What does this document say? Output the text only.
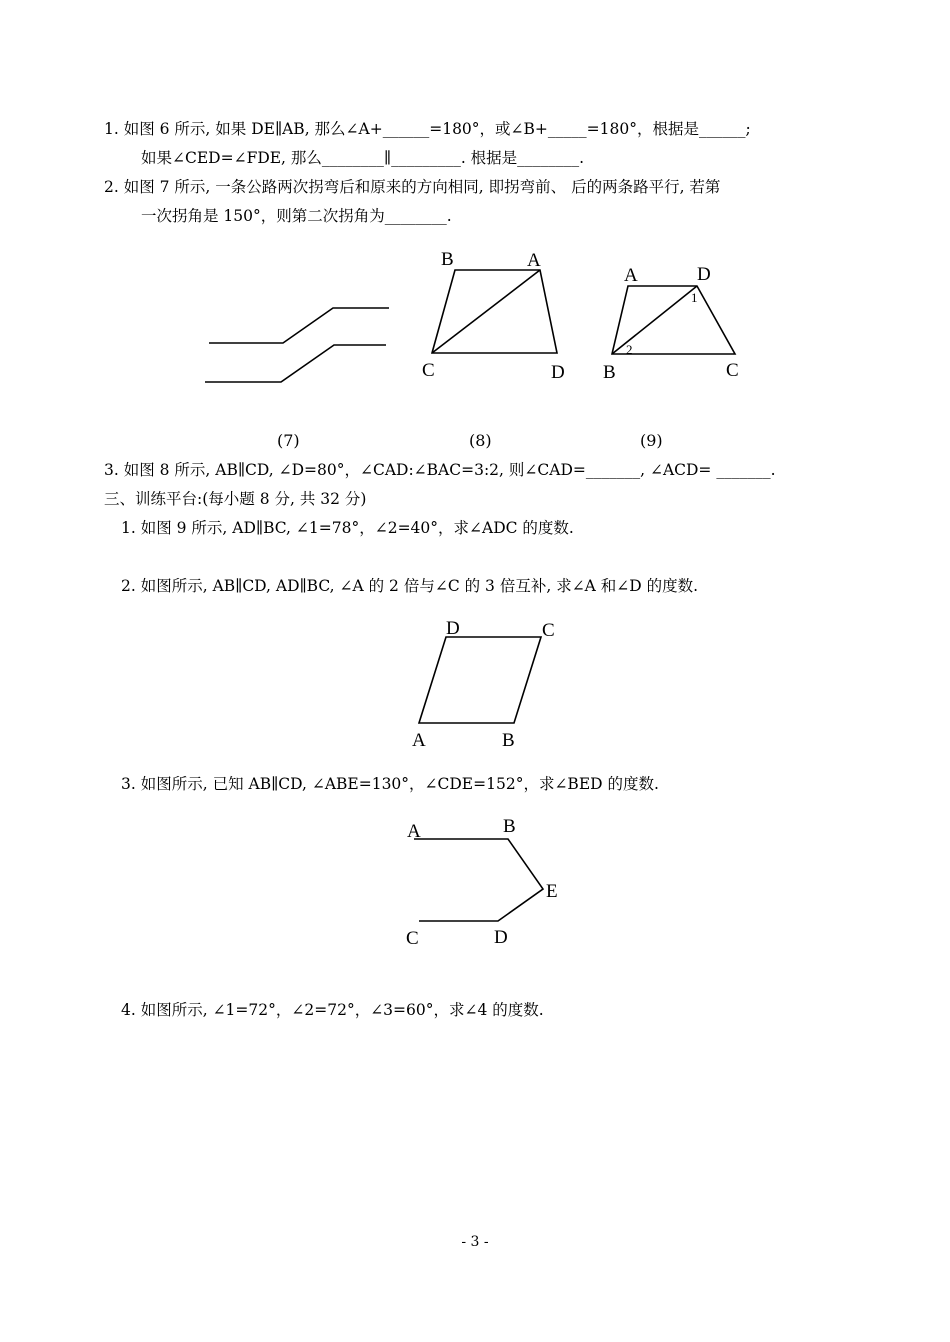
1. 如图 6 所示, 如果 DE∥AB, 那么∠A+______=180°，或∠B+_____=180°，根据是______;
如果∠CED=∠FDE, 那么________∥_________. 根据是________.
2. 如图 7 所示, 一条公路两次拐弯后和原来的方向相同, 即拐弯前、 后的两条路平行, 若第
一次拐角是 150°，则第二次拐角为________.
B	A
C	D
A	D
B	C
1
2
D	C
A	B
A	B
E
C	D
(7)	(8)	(9)
3. 如图 8 所示, AB∥CD, ∠D=80°，∠CAD:∠BAC=3:2, 则∠CAD=_______, ∠ACD= _______.
三、训练平台:(每小题 8 分, 共 32 分)
1. 如图 9 所示, AD∥BC, ∠1=78°，∠2=40°，求∠ADC 的度数.
2. 如图所示, AB∥CD, AD∥BC, ∠A 的 2 倍与∠C 的 3 倍互补, 求∠A 和∠D 的度数.
3. 如图所示, 已知 AB∥CD, ∠ABE=130°，∠CDE=152°，求∠BED 的度数.
4. 如图所示, ∠1=72°，∠2=72°，∠3=60°，求∠4 的度数.
- 3 -
